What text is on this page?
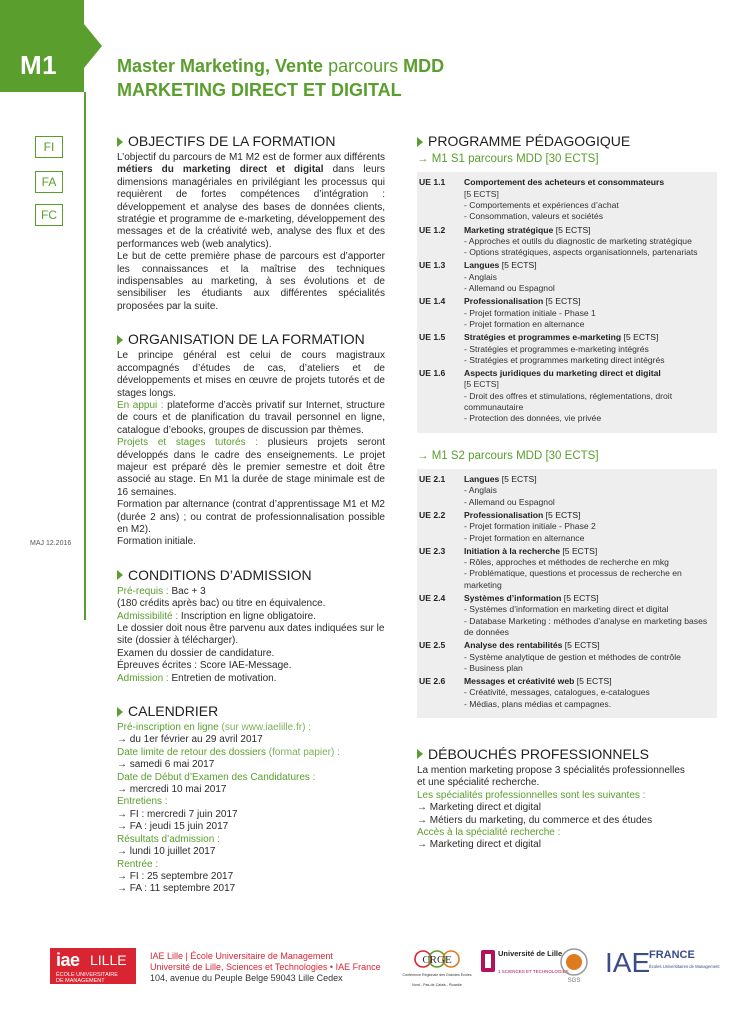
M1	Master Marketing, Vente parcours MDD
MARKETING DIRECT ET DIGITAL
FI
FA
FC
MAJ 12.2016
OBJECTIFS DE LA FORMATION
L’objectif du parcours de M1 M2 est de former aux différents métiers du marketing direct et digital dans leurs dimensions managériales en privilégiant les processus qui requièrent de fortes compétences d’intégration : développement et analyse des bases de données clients, stratégie et programme de e-marketing, développement des messages et de la créativité web, analyse des flux et des performances web (web analytics).
Le but de cette première phase de parcours est d’apporter les connaissances et la maîtrise des techniques indispensables au marketing, à ses évolutions et de sensibiliser les étudiants aux différentes spécialités proposées par la suite.
ORGANISATION DE LA FORMATION
Le principe général est celui de cours magistraux accompagnés d’études de cas, d’ateliers et de développements et mises en œuvre de projets tutorés et de stages longs.
En appui : plateforme d’accès privatif sur Internet, structure de cours et de planification du travail personnel en ligne, catalogue d’ebooks, groupes de discussion par thèmes.
Projets et stages tutorés : plusieurs projets seront développés dans le cadre des enseignements. Le projet majeur est préparé dès le premier semestre et doit être associé au stage. En M1 la durée de stage minimale est de 16 semaines.
Formation par alternance (contrat d’apprentissage M1 et M2 (durée 2 ans) ; ou contrat de professionnalisation possible en M2).
Formation initiale.
CONDITIONS D’ADMISSION
Pré-requis : Bac + 3
(180 crédits après bac) ou titre en équivalence.
Admissibilité : Inscription en ligne obligatoire.
Le dossier doit nous être parvenu aux dates indiquées sur le site (dossier à télécharger).
Examen du dossier de candidature.
Épreuves écrites : Score IAE-Message.
Admission : Entretien de motivation.
CALENDRIER
Pré-inscription en ligne (sur www.iaelille.fr) :
→ du 1er février au 29 avril 2017
Date limite de retour des dossiers (format papier) :
→ samedi 6 mai 2017
Date de Début d’Examen des Candidatures :
→ mercredi 10 mai 2017
Entretiens :
→ FI : mercredi 7 juin 2017
→ FA : jeudi 15 juin 2017
Résultats d’admission :
→ lundi 10 juillet 2017
Rentrée :
→ FI : 25 septembre 2017
→ FA : 11 septembre 2017
PROGRAMME PÉDAGOGIQUE
→ M1 S1 parcours MDD [30 ECTS]
UE 1.1	Comportement des acheteurs et consommateurs
[5 ECTS]
- Comportements et expériences d’achat
- Consommation, valeurs et sociétés
UE 1.2	Marketing stratégique [5 ECTS]
- Approches et outils du diagnostic de marketing stratégique
- Options stratégiques, aspects organisationnels, partenariats
UE 1.3	Langues [5 ECTS]
- Anglais
- Allemand ou Espagnol
UE 1.4	Professionalisation [5 ECTS]
- Projet formation initiale - Phase 1
- Projet formation en alternance
UE 1.5	Stratégies et programmes e-marketing [5 ECTS]
- Stratégies et programmes e-marketing intégrés
- Stratégies et programmes marketing direct intégrés
UE 1.6	Aspects juridiques du marketing direct et digital
[5 ECTS]
- Droit des offres et stimulations, réglementations, droit communautaire
- Protection des données, vie privée
→ M1 S2 parcours MDD [30 ECTS]
UE 2.1	Langues [5 ECTS]
- Anglais
- Allemand ou Espagnol
UE 2.2	Professionalisation [5 ECTS]
- Projet formation initiale - Phase 2
- Projet formation en alternance
UE 2.3	Initiation à la recherche [5 ECTS]
- Rôles, approches et méthodes de recherche en mkg
- Problématique, questions et processus de recherche en marketing
UE 2.4	Systèmes d’information [5 ECTS]
- Systèmes d’information en marketing direct et digital
- Database Marketing : méthodes d’analyse en marketing bases de données
UE 2.5	Analyse des rentabilités [5 ECTS]
- Système analytique de gestion et méthodes de contrôle
- Business plan
UE 2.6	Messages et créativité web [5 ECTS]
- Créativité, messages, catalogues, e-catalogues
- Médias, plans médias et campagnes.
DÉBOUCHÉS PROFESSIONNELS
La mention marketing propose 3 spécialités professionnelles et une spécialité recherche.
Les spécialités professionnelles sont les suivantes :
→ Marketing direct et digital
→ Métiers du marketing, du commerce et des études
Accès à la spécialité recherche :
→ Marketing direct et digital
iae LILLE
ÉCOLE UNIVERSITAIRE
DE MANAGEMENT
IAE Lille | École Universitaire de Management
Université de Lille, Sciences et Technologies • IAE France
104, avenue du Peuple Belge 59043 Lille Cedex
CRGE
Conférence Régionale des Grandes Écoles
Nord - Pas-de-Calais - Picardie
Université de Lille
1 SCIENCES ET TECHNOLOGIES
SGS
IAE
FRANCE
Écoles Universitaires de Management
